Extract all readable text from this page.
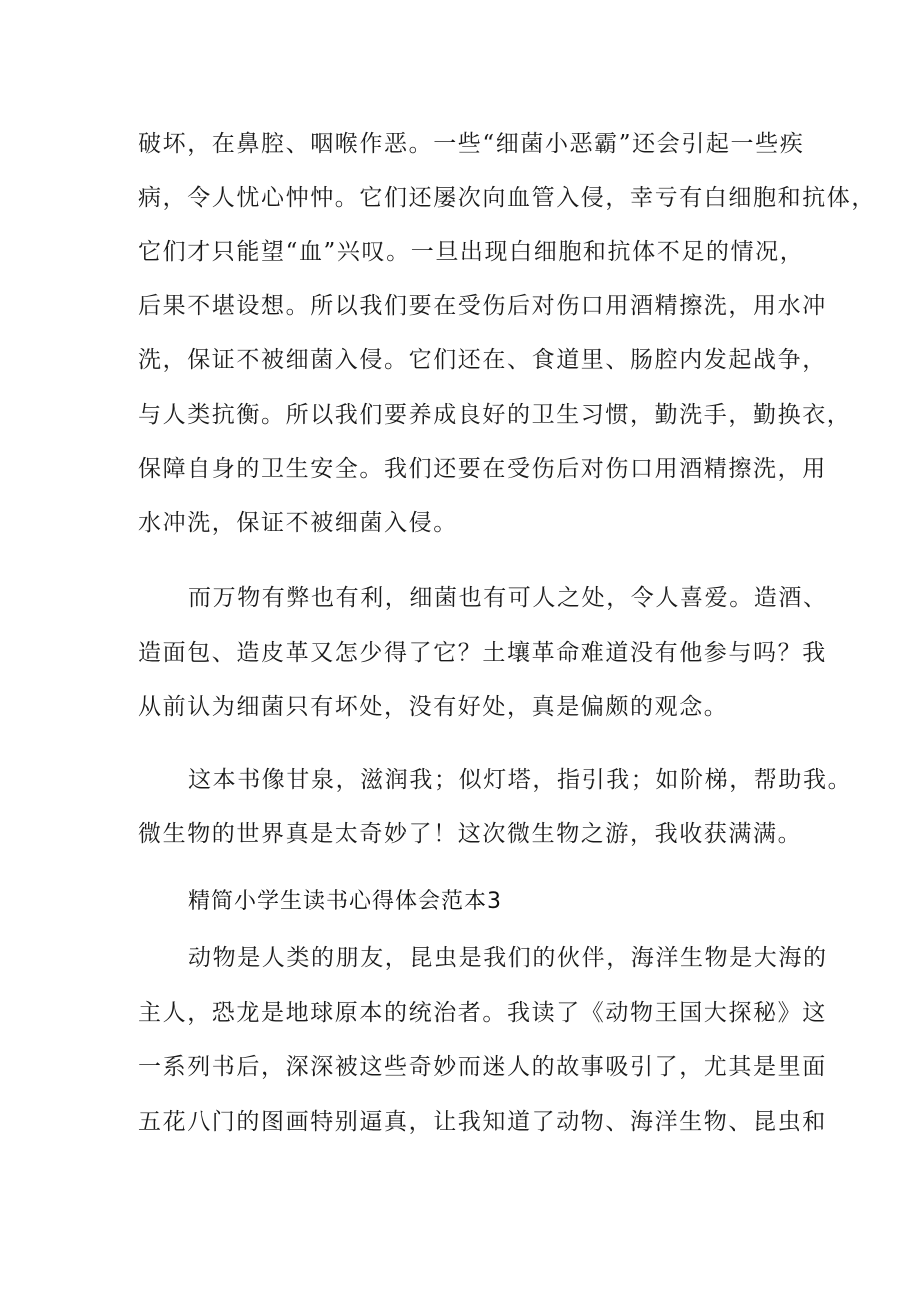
破坏，在鼻腔、咽喉作恶。一些“细菌小恶霸”还会引起一些疾
病，令人忧心忡忡。它们还屡次向血管入侵，幸亏有白细胞和抗体，
它们才只能望“血”兴叹。一旦出现白细胞和抗体不足的情况，
后果不堪设想。所以我们要在受伤后对伤口用酒精擦洗，用水冲
洗，保证不被细菌入侵。它们还在、食道里、肠腔内发起战争，
与人类抗衡。所以我们要养成良好的卫生习惯，勤洗手，勤换衣，
保障自身的卫生安全。我们还要在受伤后对伤口用酒精擦洗，用
水冲洗，保证不被细菌入侵。
而万物有弊也有利，细菌也有可人之处，令人喜爱。造酒、
造面包、造皮革又怎少得了它？土壤革命难道没有他参与吗？我
从前认为细菌只有坏处，没有好处，真是偏颇的观念。
这本书像甘泉，滋润我；似灯塔，指引我；如阶梯，帮助我。
微生物的世界真是太奇妙了！这次微生物之游，我收获满满。
精简小学生读书心得体会范本3
动物是人类的朋友，昆虫是我们的伙伴，海洋生物是大海的
主人，恐龙是地球原本的统治者。我读了《动物王国大探秘》这
一系列书后，深深被这些奇妙而迷人的故事吸引了，尤其是里面
五花八门的图画特别逼真，让我知道了动物、海洋生物、昆虫和
